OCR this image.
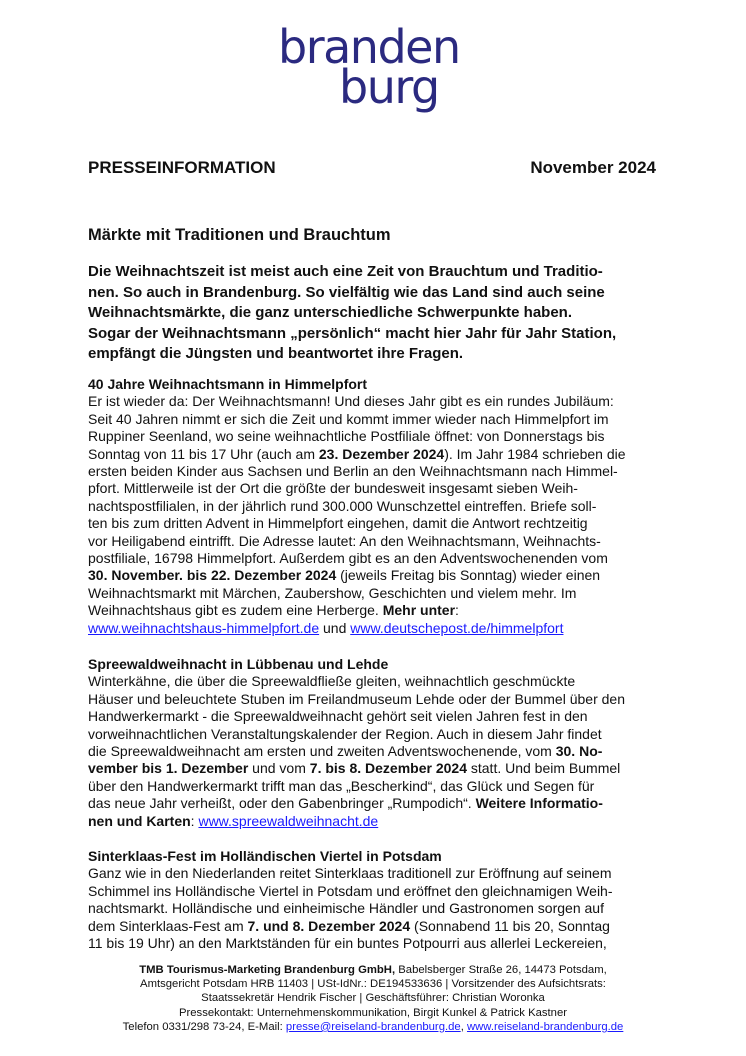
branden
burg
PRESSEINFORMATION	November 2024
Märkte mit Traditionen und Brauchtum
Die Weihnachtszeit ist meist auch eine Zeit von Brauchtum und Traditio-
nen. So auch in Brandenburg. So vielfältig wie das Land sind auch seine
Weihnachtsmärkte, die ganz unterschiedliche Schwerpunkte haben.
Sogar der Weihnachtsmann „persönlich“ macht hier Jahr für Jahr Station,
empfängt die Jüngsten und beantwortet ihre Fragen.
40 Jahre Weihnachtsmann in Himmelpfort
Er ist wieder da: Der Weihnachtsmann! Und dieses Jahr gibt es ein rundes Jubiläum:
Seit 40 Jahren nimmt er sich die Zeit und kommt immer wieder nach Himmelpfort im
Ruppiner Seenland, wo seine weihnachtliche Postfiliale öffnet: von Donnerstags bis
Sonntag von 11 bis 17 Uhr (auch am 23. Dezember 2024). Im Jahr 1984 schrieben die
ersten beiden Kinder aus Sachsen und Berlin an den Weihnachtsmann nach Himmel-
pfort. Mittlerweile ist der Ort die größte der bundesweit insgesamt sieben Weih-
nachtspostfilialen, in der jährlich rund 300.000 Wunschzettel eintreffen. Briefe soll-
ten bis zum dritten Advent in Himmelpfort eingehen, damit die Antwort rechtzeitig
vor Heiligabend eintrifft. Die Adresse lautet: An den Weihnachtsmann, Weihnachts-
postfiliale, 16798 Himmelpfort. Außerdem gibt es an den Adventswochenenden vom
30. November. bis 22. Dezember 2024 (jeweils Freitag bis Sonntag) wieder einen
Weihnachtsmarkt mit Märchen, Zaubershow, Geschichten und vielem mehr. Im
Weihnachtshaus gibt es zudem eine Herberge. Mehr unter:
www.weihnachtshaus-himmelpfort.de und www.deutschepost.de/himmelpfort
Spreewaldweihnacht in Lübbenau und Lehde
Winterkähne, die über die Spreewaldfließe gleiten, weihnachtlich geschmückte
Häuser und beleuchtete Stuben im Freilandmuseum Lehde oder der Bummel über den
Handwerkermarkt - die Spreewaldweihnacht gehört seit vielen Jahren fest in den
vorweihnachtlichen Veranstaltungskalender der Region. Auch in diesem Jahr findet
die Spreewaldweihnacht am ersten und zweiten Adventswochenende, vom 30. No-
vember bis 1. Dezember und vom 7. bis 8. Dezember 2024 statt. Und beim Bummel
über den Handwerkermarkt trifft man das „Bescherkind“, das Glück und Segen für
das neue Jahr verheißt, oder den Gabenbringer „Rumpodich“. Weitere Informatio-
nen und Karten: www.spreewaldweihnacht.de
Sinterklaas-Fest im Holländischen Viertel in Potsdam
Ganz wie in den Niederlanden reitet Sinterklaas traditionell zur Eröffnung auf seinem
Schimmel ins Holländische Viertel in Potsdam und eröffnet den gleichnamigen Weih-
nachtsmarkt. Holländische und einheimische Händler und Gastronomen sorgen auf
dem Sinterklaas-Fest am 7. und 8. Dezember 2024 (Sonnabend 11 bis 20, Sonntag
11 bis 19 Uhr) an den Marktständen für ein buntes Potpourri aus allerlei Leckereien,
TMB Tourismus-Marketing Brandenburg GmbH, Babelsberger Straße 26, 14473 Potsdam,
Amtsgericht Potsdam HRB 11403 | USt-IdNr.: DE194533636 | Vorsitzender des Aufsichtsrats:
Staatssekretär Hendrik Fischer | Geschäftsführer: Christian Woronka
Pressekontakt: Unternehmenskommunikation, Birgit Kunkel & Patrick Kastner
Telefon 0331/298 73-24, E-Mail: presse@reiseland-brandenburg.de, www.reiseland-brandenburg.de
